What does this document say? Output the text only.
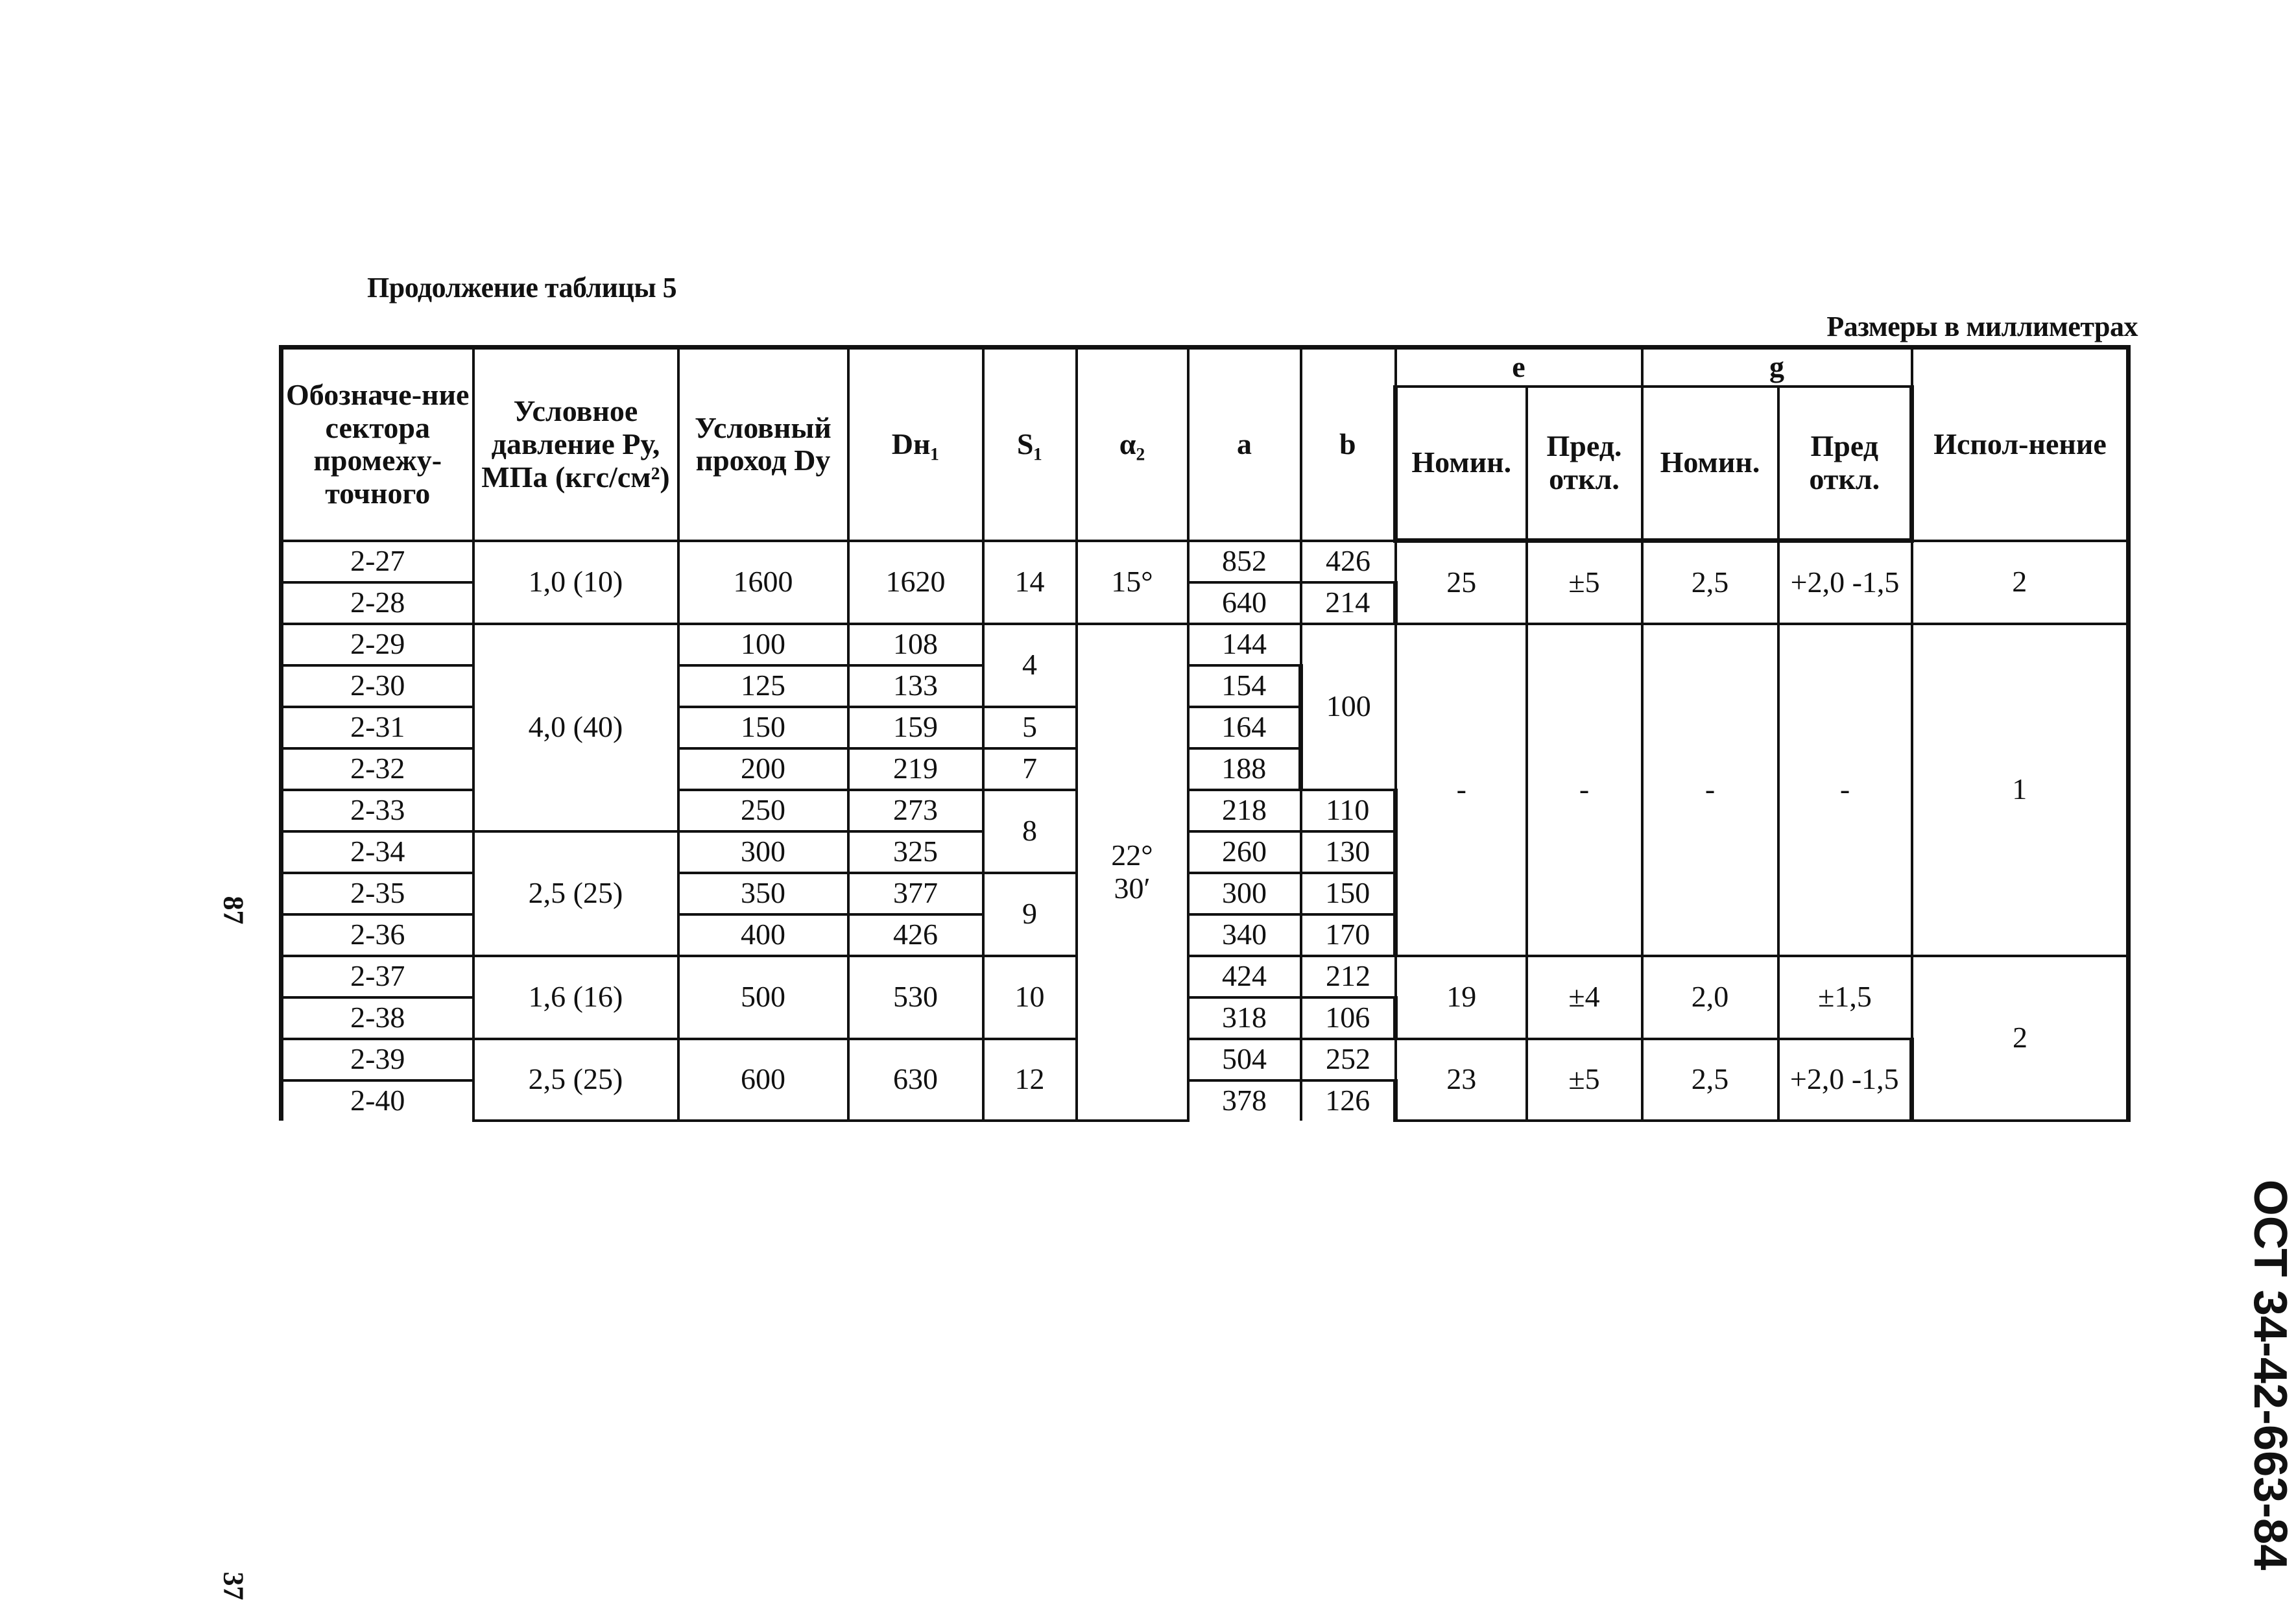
Продолжение таблицы 5
Размеры в миллиметрах
Обозначе-ние сектора промежу-точного	Условное давление Ру, МПа (кгс/см²)	Условный проход Dy	Dн₁	S₁	α₂	a	b	e		g		Испол-нение
								Номин.	Пред. откл.	Номин.	Пред откл.	
2-27	1,0 (10)	1600	1620	14	15°	852	426	25	±5	2,5	+2,0 -1,5	2
2-28						640	214					
2-29	4,0 (40)	100	108	4	22° 30′	144	100	-	-	-	-	1
2-30		125	133			154						
2-31		150	159	5		164						
2-32		200	219	7		188						
2-33		250	273	8		218	110					
2-34	2,5 (25)	300	325			260	130					
2-35		350	377	9		300	150					
2-36		400	426			340	170					
2-37	1,6 (16)	500	530	10		424	212	19	±4	2,0	±1,5	2
2-38						318	106					
2-39	2,5 (25)	600	630	12		504	252	23	±5	2,5	+2,0 -1,5	
2-40						378	126					
87
37
ОСТ 34-42-663-84
